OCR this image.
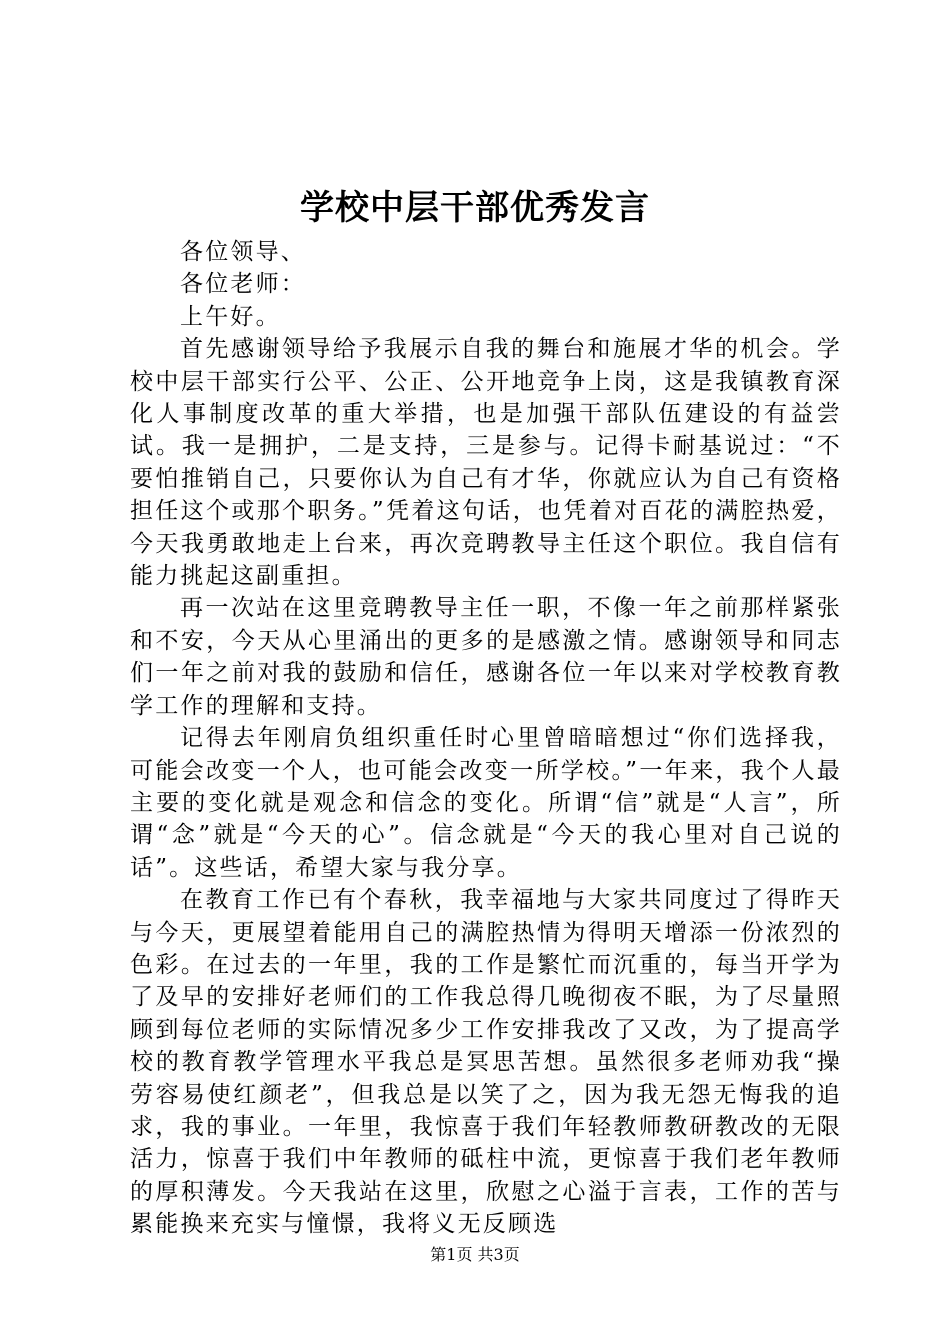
学校中层干部优秀发言

各位领导、

各位老师：

上午好。

首先感谢领导给予我展示自我的舞台和施展才华的机会。学校中层干部实行公平、公正、公开地竞争上岗，这是我镇教育深化人事制度改革的重大举措，也是加强干部队伍建设的有益尝试。我一是拥护，二是支持，三是参与。记得卡耐基说过：“不要怕推销自己，只要你认为自己有才华，你就应认为自己有资格担任这个或那个职务。”凭着这句话，也凭着对百花的满腔热爱，今天我勇敢地走上台来，再次竞聘教导主任这个职位。我自信有能力挑起这副重担。

再一次站在这里竞聘教导主任一职，不像一年之前那样紧张和不安，今天从心里涌出的更多的是感激之情。感谢领导和同志们一年之前对我的鼓励和信任，感谢各位一年以来对学校教育教学工作的理解和支持。

记得去年刚肩负组织重任时心里曾暗暗想过“你们选择我，可能会改变一个人，也可能会改变一所学校。”一年来，我个人最主要的变化就是观念和信念的变化。所谓“信”就是“人言”，所谓“念”就是“今天的心”。信念就是“今天的我心里对自己说的话”。这些话，希望大家与我分享。

在教育工作已有个春秋，我幸福地与大家共同度过了得昨天与今天，更展望着能用自己的满腔热情为得明天增添一份浓烈的色彩。在过去的一年里，我的工作是繁忙而沉重的，每当开学为了及早的安排好老师们的工作我总得几晚彻夜不眠，为了尽量照顾到每位老师的实际情况多少工作安排我改了又改，为了提高学校的教育教学管理水平我总是冥思苦想。虽然很多老师劝我“操劳容易使红颜老”，但我总是以笑了之，因为我无怨无悔我的追求，我的事业。一年里，我惊喜于我们年轻教师教研教改的无限活力，惊喜于我们中年教师的砥柱中流，更惊喜于我们老年教师的厚积薄发。今天我站在这里，欣慰之心溢于言表，工作的苦与累能换来充实与憧憬，我将义无反顾选

第1页 共3页
